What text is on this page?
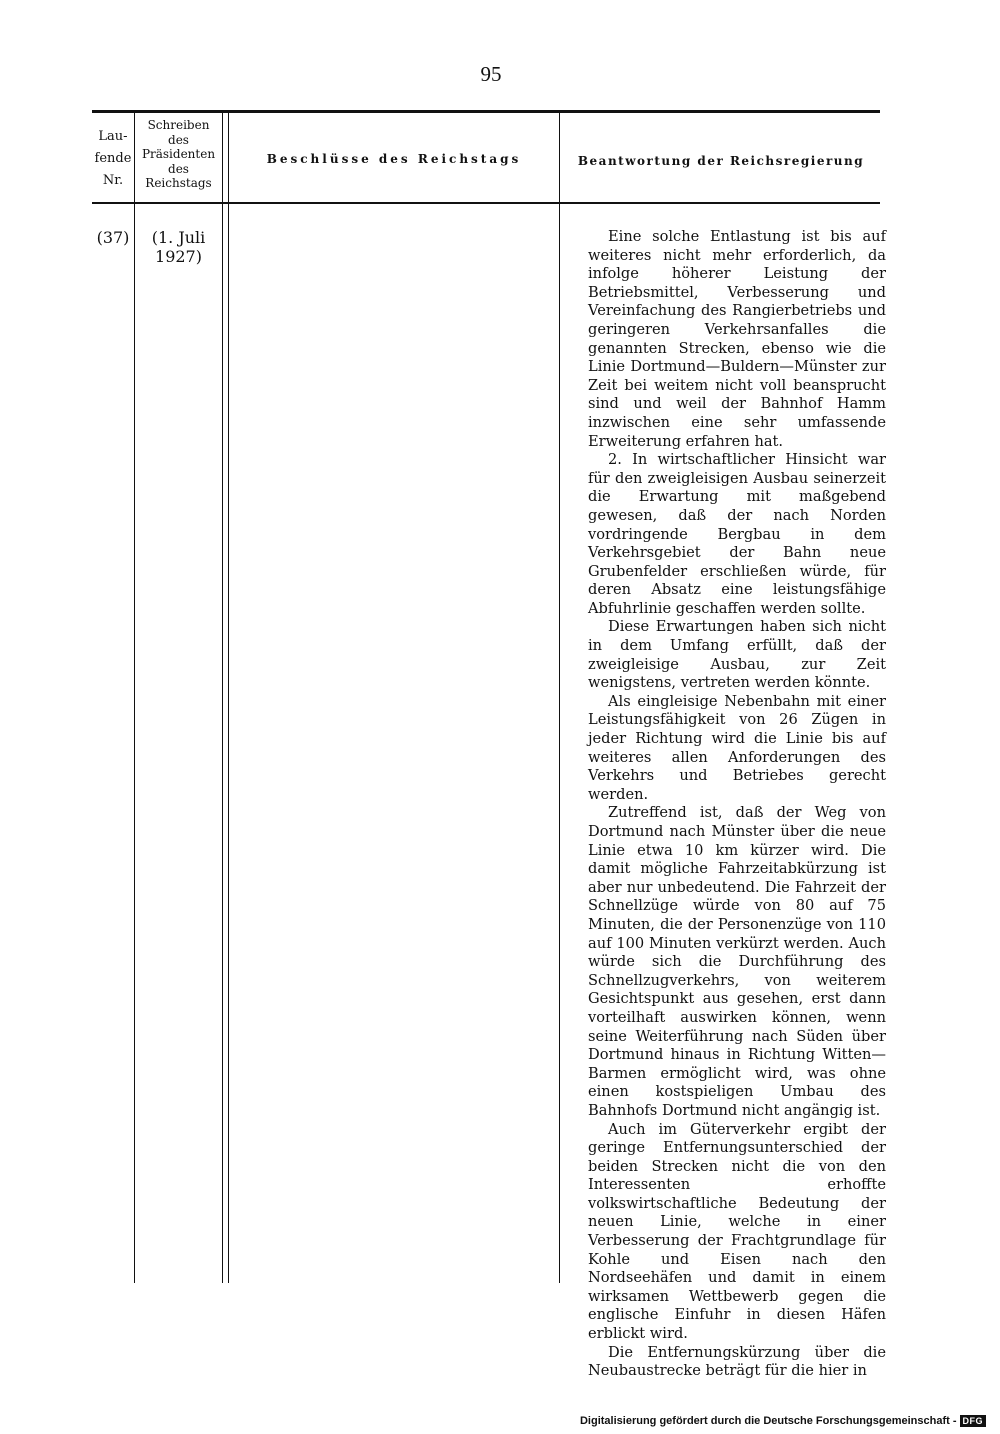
95
Lau-
fende
Nr.
Schreiben
des
Präsidenten
des
Reichstags
Beschlüsse des Reichstags	Beantwortung der Reichsregierung
(37)	(1. Juli
1927)

Eine solche Entlastung ist bis auf weiteres nicht mehr erforderlich, da infolge höherer Leistung der Betriebsmittel, Verbesserung und Vereinfachung des Rangierbetriebs und geringeren Verkehrsanfalles die genannten Strecken, ebenso wie die Linie Dortmund—Buldern—Münster zur Zeit bei weitem nicht voll beansprucht sind und weil der Bahnhof Hamm inzwischen eine sehr umfassende Erweiterung erfahren hat.

2. In wirtschaftlicher Hinsicht war für den zweigleisigen Ausbau seinerzeit die Erwartung mit maßgebend gewesen, daß der nach Norden vordringende Bergbau in dem Verkehrsgebiet der Bahn neue Grubenfelder erschließen würde, für deren Absatz eine leistungsfähige Abfuhrlinie geschaffen werden sollte.

Diese Erwartungen haben sich nicht in dem Umfang erfüllt, daß der zweigleisige Ausbau, zur Zeit wenigstens, vertreten werden könnte.

Als eingleisige Nebenbahn mit einer Leistungsfähigkeit von 26 Zügen in jeder Richtung wird die Linie bis auf weiteres allen Anforderungen des Verkehrs und Betriebes gerecht werden.

Zutreffend ist, daß der Weg von Dortmund nach Münster über die neue Linie etwa 10 km kürzer wird. Die damit mögliche Fahrzeitabkürzung ist aber nur unbedeutend. Die Fahrzeit der Schnellzüge würde von 80 auf 75 Minuten, die der Personenzüge von 110 auf 100 Minuten verkürzt werden. Auch würde sich die Durchführung des Schnellzugverkehrs, von weiterem Gesichtspunkt aus gesehen, erst dann vorteilhaft auswirken können, wenn seine Weiterführung nach Süden über Dortmund hinaus in Richtung Witten—Barmen ermöglicht wird, was ohne einen kostspieligen Umbau des Bahnhofs Dortmund nicht angängig ist.

Auch im Güterverkehr ergibt der geringe Entfernungsunterschied der beiden Strecken nicht die von den Interessenten erhoffte volkswirtschaftliche Bedeutung der neuen Linie, welche in einer Verbesserung der Frachtgrundlage für Kohle und Eisen nach den Nordseehäfen und damit in einem wirksamen Wettbewerb gegen die englische Einfuhr in diesen Häfen erblickt wird.

Die Entfernungskürzung über die Neubaustrecke beträgt für die hier in

Digitalisierung gefördert durch die Deutsche Forschungsgemeinschaft - DFG
